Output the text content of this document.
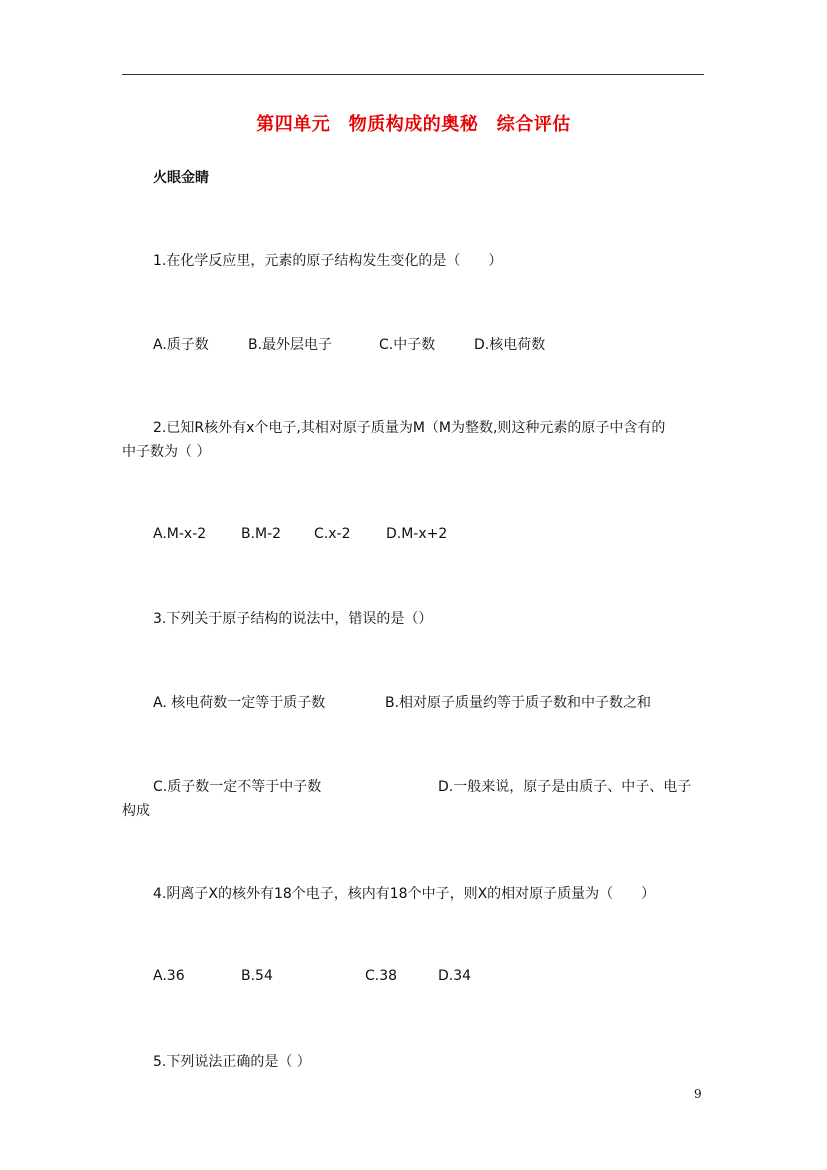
第四单元　物质构成的奥秘　综合评估
火眼金睛
1.在化学反应里，元素的原子结构发生变化的是（　　）
A.质子数	B.最外层电子	C.中子数	D.核电荷数
2.已知R核外有x个电子,其相对原子质量为M（M为整数,则这种元素的原子中含有的
中子数为（ ）
A.M-x-2 B.M-2 C.x-2	D.M-x+2
3.下列关于原子结构的说法中，错误的是（）
A. 核电荷数一定等于质子数	B.相对原子质量约等于质子数和中子数之和
C.质子数一定不等于中子数	D.一般来说，原子是由质子、中子、电子
构成
4.阴离子X的核外有18个电子，核内有18个中子，则X的相对原子质量为（　　）
A.36	B.54	C.38	D.34
5.下列说法正确的是（ ）
9
